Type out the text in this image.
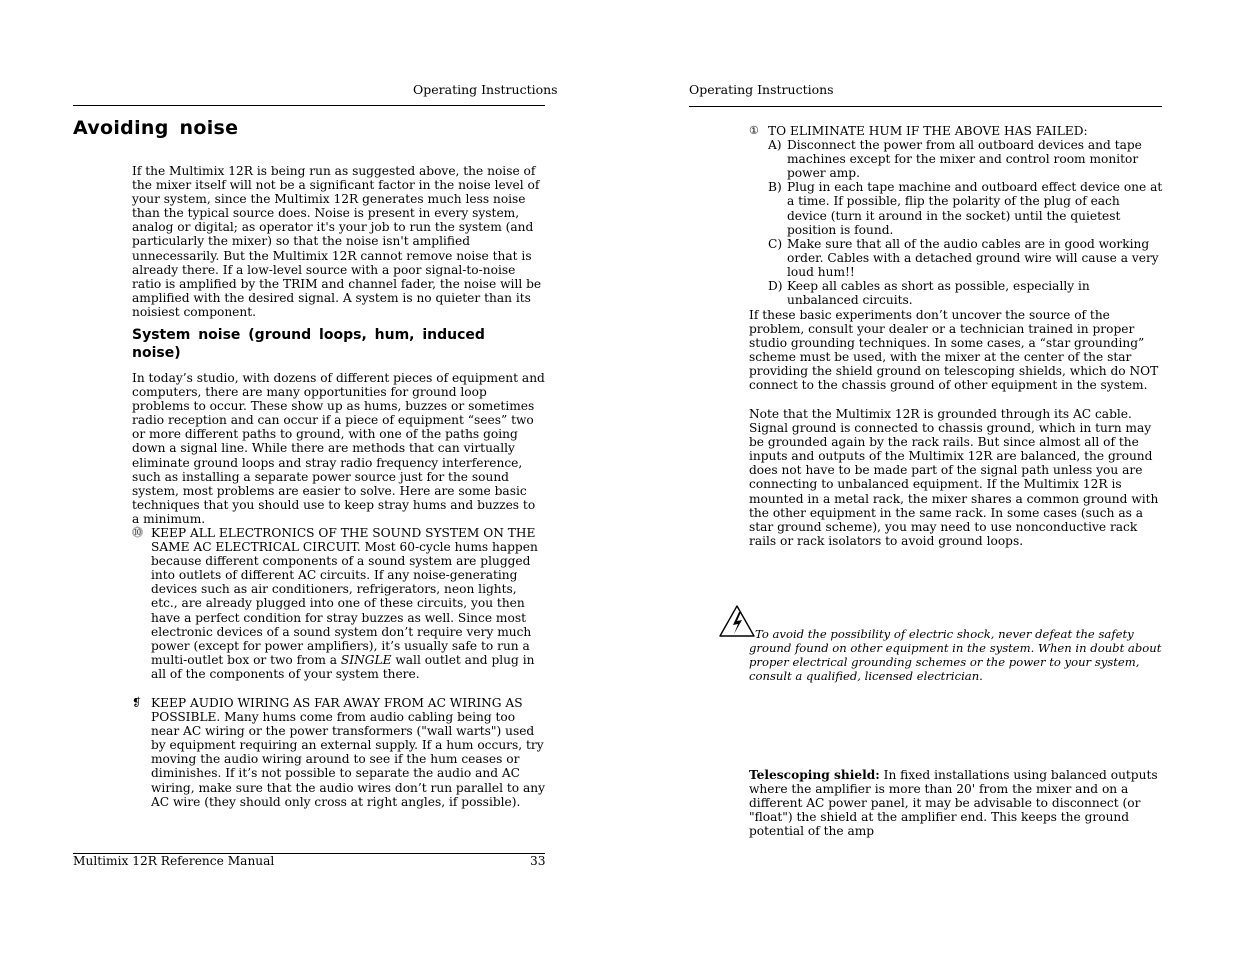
Operating Instructions
Avoiding noise

If the Multimix 12R is being run as suggested above, the noise of the mixer itself will not be a significant factor in the noise level of your system, since the Multimix 12R generates much less noise than the typical source does. Noise is present in every system, analog or digital; as operator it's your job to run the system (and particularly the mixer) so that the noise isn't amplified unnecessarily. But the Multimix 12R cannot remove noise that is already there. If a low-level source with a poor signal-to-noise ratio is amplified by the TRIM and channel fader, the noise will be amplified with the desired signal. A system is no quieter than its noisiest component.

System noise (ground loops, hum, induced noise)

In today’s studio, with dozens of different pieces of equipment and computers, there are many opportunities for ground loop problems to occur. These show up as hums, buzzes or sometimes radio reception and can occur if a piece of equipment “sees” two or more different paths to ground, with one of the paths going down a signal line. While there are methods that can virtually eliminate ground loops and stray radio frequency interference, such as installing a separate power source just for the sound system, most problems are easier to solve. Here are some basic techniques that you should use to keep stray hums and buzzes to a minimum.

⓾ KEEP ALL ELECTRONICS OF THE SOUND SYSTEM ON THE SAME AC ELECTRICAL CIRCUIT. Most 60-cycle hums happen because different components of a sound system are plugged into outlets of different AC circuits. If any noise-generating devices such as air conditioners, refrigerators, neon lights, etc., are already plugged into one of these circuits, you then have a perfect condition for stray buzzes as well. Since most electronic devices of a sound system don’t require very much power (except for power amplifiers), it’s usually safe to run a multi-outlet box or two from a SINGLE wall outlet and plug in all of the components of your system there.
❡ KEEP AUDIO WIRING AS FAR AWAY FROM AC WIRING AS POSSIBLE. Many hums come from audio cabling being too near AC wiring or the power transformers ("wall warts") used by equipment requiring an external supply. If a hum occurs, try moving the audio wiring around to see if the hum ceases or diminishes. If it’s not possible to separate the audio and AC wiring, make sure that the audio wires don’t run parallel to any AC wire (they should only cross at right angles, if possible).
Multimix 12R Reference Manual	33
Operating Instructions
① TO ELIMINATE HUM IF THE ABOVE HAS FAILED:
A) Disconnect the power from all outboard devices and tape machines except for the mixer and control room monitor power amp.
B) Plug in each tape machine and outboard effect device one at a time. If possible, flip the polarity of the plug of each device (turn it around in the socket) until the quietest position is found.
C) Make sure that all of the audio cables are in good working order. Cables with a detached ground wire will cause a very loud hum!!
D) Keep all cables as short as possible, especially in unbalanced circuits.

If these basic experiments don’t uncover the source of the problem, consult your dealer or a technician trained in proper studio grounding techniques. In some cases, a “star grounding” scheme must be used, with the mixer at the center of the star providing the shield ground on telescoping shields, which do NOT connect to the chassis ground of other equipment in the system.

Note that the Multimix 12R is grounded through its AC cable. Signal ground is connected to chassis ground, which in turn may be grounded again by the rack rails. But since almost all of the inputs and outputs of the Multimix 12R are balanced, the ground does not have to be made part of the signal path unless you are connecting to unbalanced equipment. If the Multimix 12R is mounted in a metal rack, the mixer shares a common ground with the other equipment in the same rack. In some cases (such as a star ground scheme), you may need to use nonconductive rack rails or rack isolators to avoid ground loops.

To avoid the possibility of electric shock, never defeat the safety ground found on other equipment in the system. When in doubt about proper electrical grounding schemes or the power to your system, consult a qualified, licensed electrician.

Telescoping shield: In fixed installations using balanced outputs where the amplifier is more than 20' from the mixer and on a different AC power panel, it may be advisable to disconnect (or "float") the shield at the amplifier end. This keeps the ground potential of the amp
